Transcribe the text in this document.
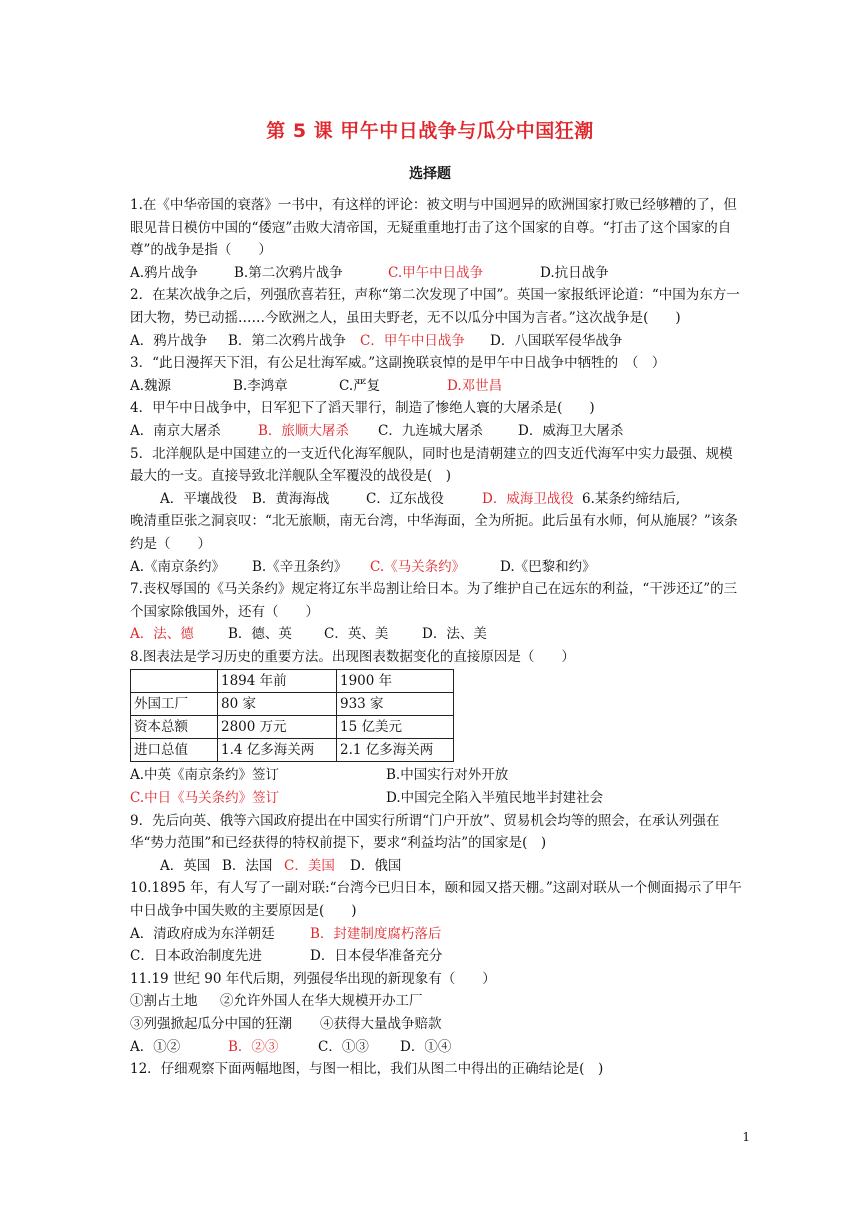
第 5 课 甲午中日战争与瓜分中国狂潮
选择题

1.在《中华帝国的衰落》一书中，有这样的评论：被文明与中国迥异的欧洲国家打败已经够糟的了，但眼见昔日模仿中国的“倭寇”击败大清帝国，无疑重重地打击了这个国家的自尊。“打击了这个国家的自尊”的战争是指（　　）

A.鸦片战争	B.第二次鸦片战争	C.甲午中日战争	D.抗日战争

2．在某次战争之后，列强欣喜若狂，声称“第二次发现了中国”。英国一家报纸评论道：“中国为东方一团大物，势已动摇……今欧洲之人，虽田夫野老，无不以瓜分中国为言者。”这次战争是(　　)

A．鸦片战争 B．第二次鸦片战争 C．甲午中日战争 D．八国联军侵华战争

3．“此日漫挥天下泪，有公足壮海军威。”这副挽联哀悼的是甲午中日战争中牺牲的　（　）

A.魏源	B.李鸿章	C.严复	D.邓世昌

4．甲午中日战争中，日军犯下了滔天罪行，制造了惨绝人寰的大屠杀是(　　)

A．南京大屠杀	B．旅顺大屠杀 C．九连城大屠杀	D．威海卫大屠杀

5．北洋舰队是中国建立的一支近代化海军舰队，同时也是清朝建立的四支近代海军中实力最强、规模最大的一支。直接导致北洋舰队全军覆没的战役是(　)

A．平壤战役 B．黄海海战	C．辽东战役	D．威海卫战役 6.某条约缔结后,

晚清重臣张之洞哀叹：“北无旅顺，南无台湾，中华海面，全为所扼。此后虽有水师，何从施展？”该条约是（　　）

A.《南京条约》 B.《辛丑条约》 C.《马关条约》	D.《巴黎和约》

7.丧权辱国的《马关条约》规定将辽东半岛割让给日本。为了维护自己在远东的利益，“干涉还辽”的三个国家除俄国外，还有（　　）

A．法、德	B．德、英 C．英、美 D．法、美

8.图表法是学习历史的重要方法。出现图表数据变化的直接原因是（　　）

	1894 年前	1900 年
外国工厂	80 家	933 家
资本总额	2800 万元	15 亿美元
进口总值	1.4 亿多海关两	2.1 亿多海关两

A.中英《南京条约》签订	B.中国实行对外开放

C.中日《马关条约》签订	D.中国完全陷入半殖民地半封建社会

9．先后向英、俄等六国政府提出在中国实行所谓“门户开放”、贸易机会均等的照会，在承认列强在华“势力范围”和已经获得的特权前提下，要求“利益均沾”的国家是(　)

A．英国 B．法国 C．美国 D．俄国

10.1895 年，有人写了一副对联:“台湾今已归日本，颐和园又搭天棚。”这副对联从一个侧面揭示了甲午中日战争中国失败的主要原因是(　　)

A．清政府成为东洋朝廷	B．封建制度腐朽落后

C．日本政治制度先进	D．日本侵华准备充分

11.19 世纪 90 年代后期，列强侵华出现的新现象有（　　）

①割占土地 ②允许外国人在华大规模开办工厂

③列强掀起瓜分中国的狂潮 ④获得大量战争赔款

A．①②	B．②③	C．①③ D．①④

12．仔细观察下面两幅地图，与图一相比，我们从图二中得出的正确结论是(　)

1
